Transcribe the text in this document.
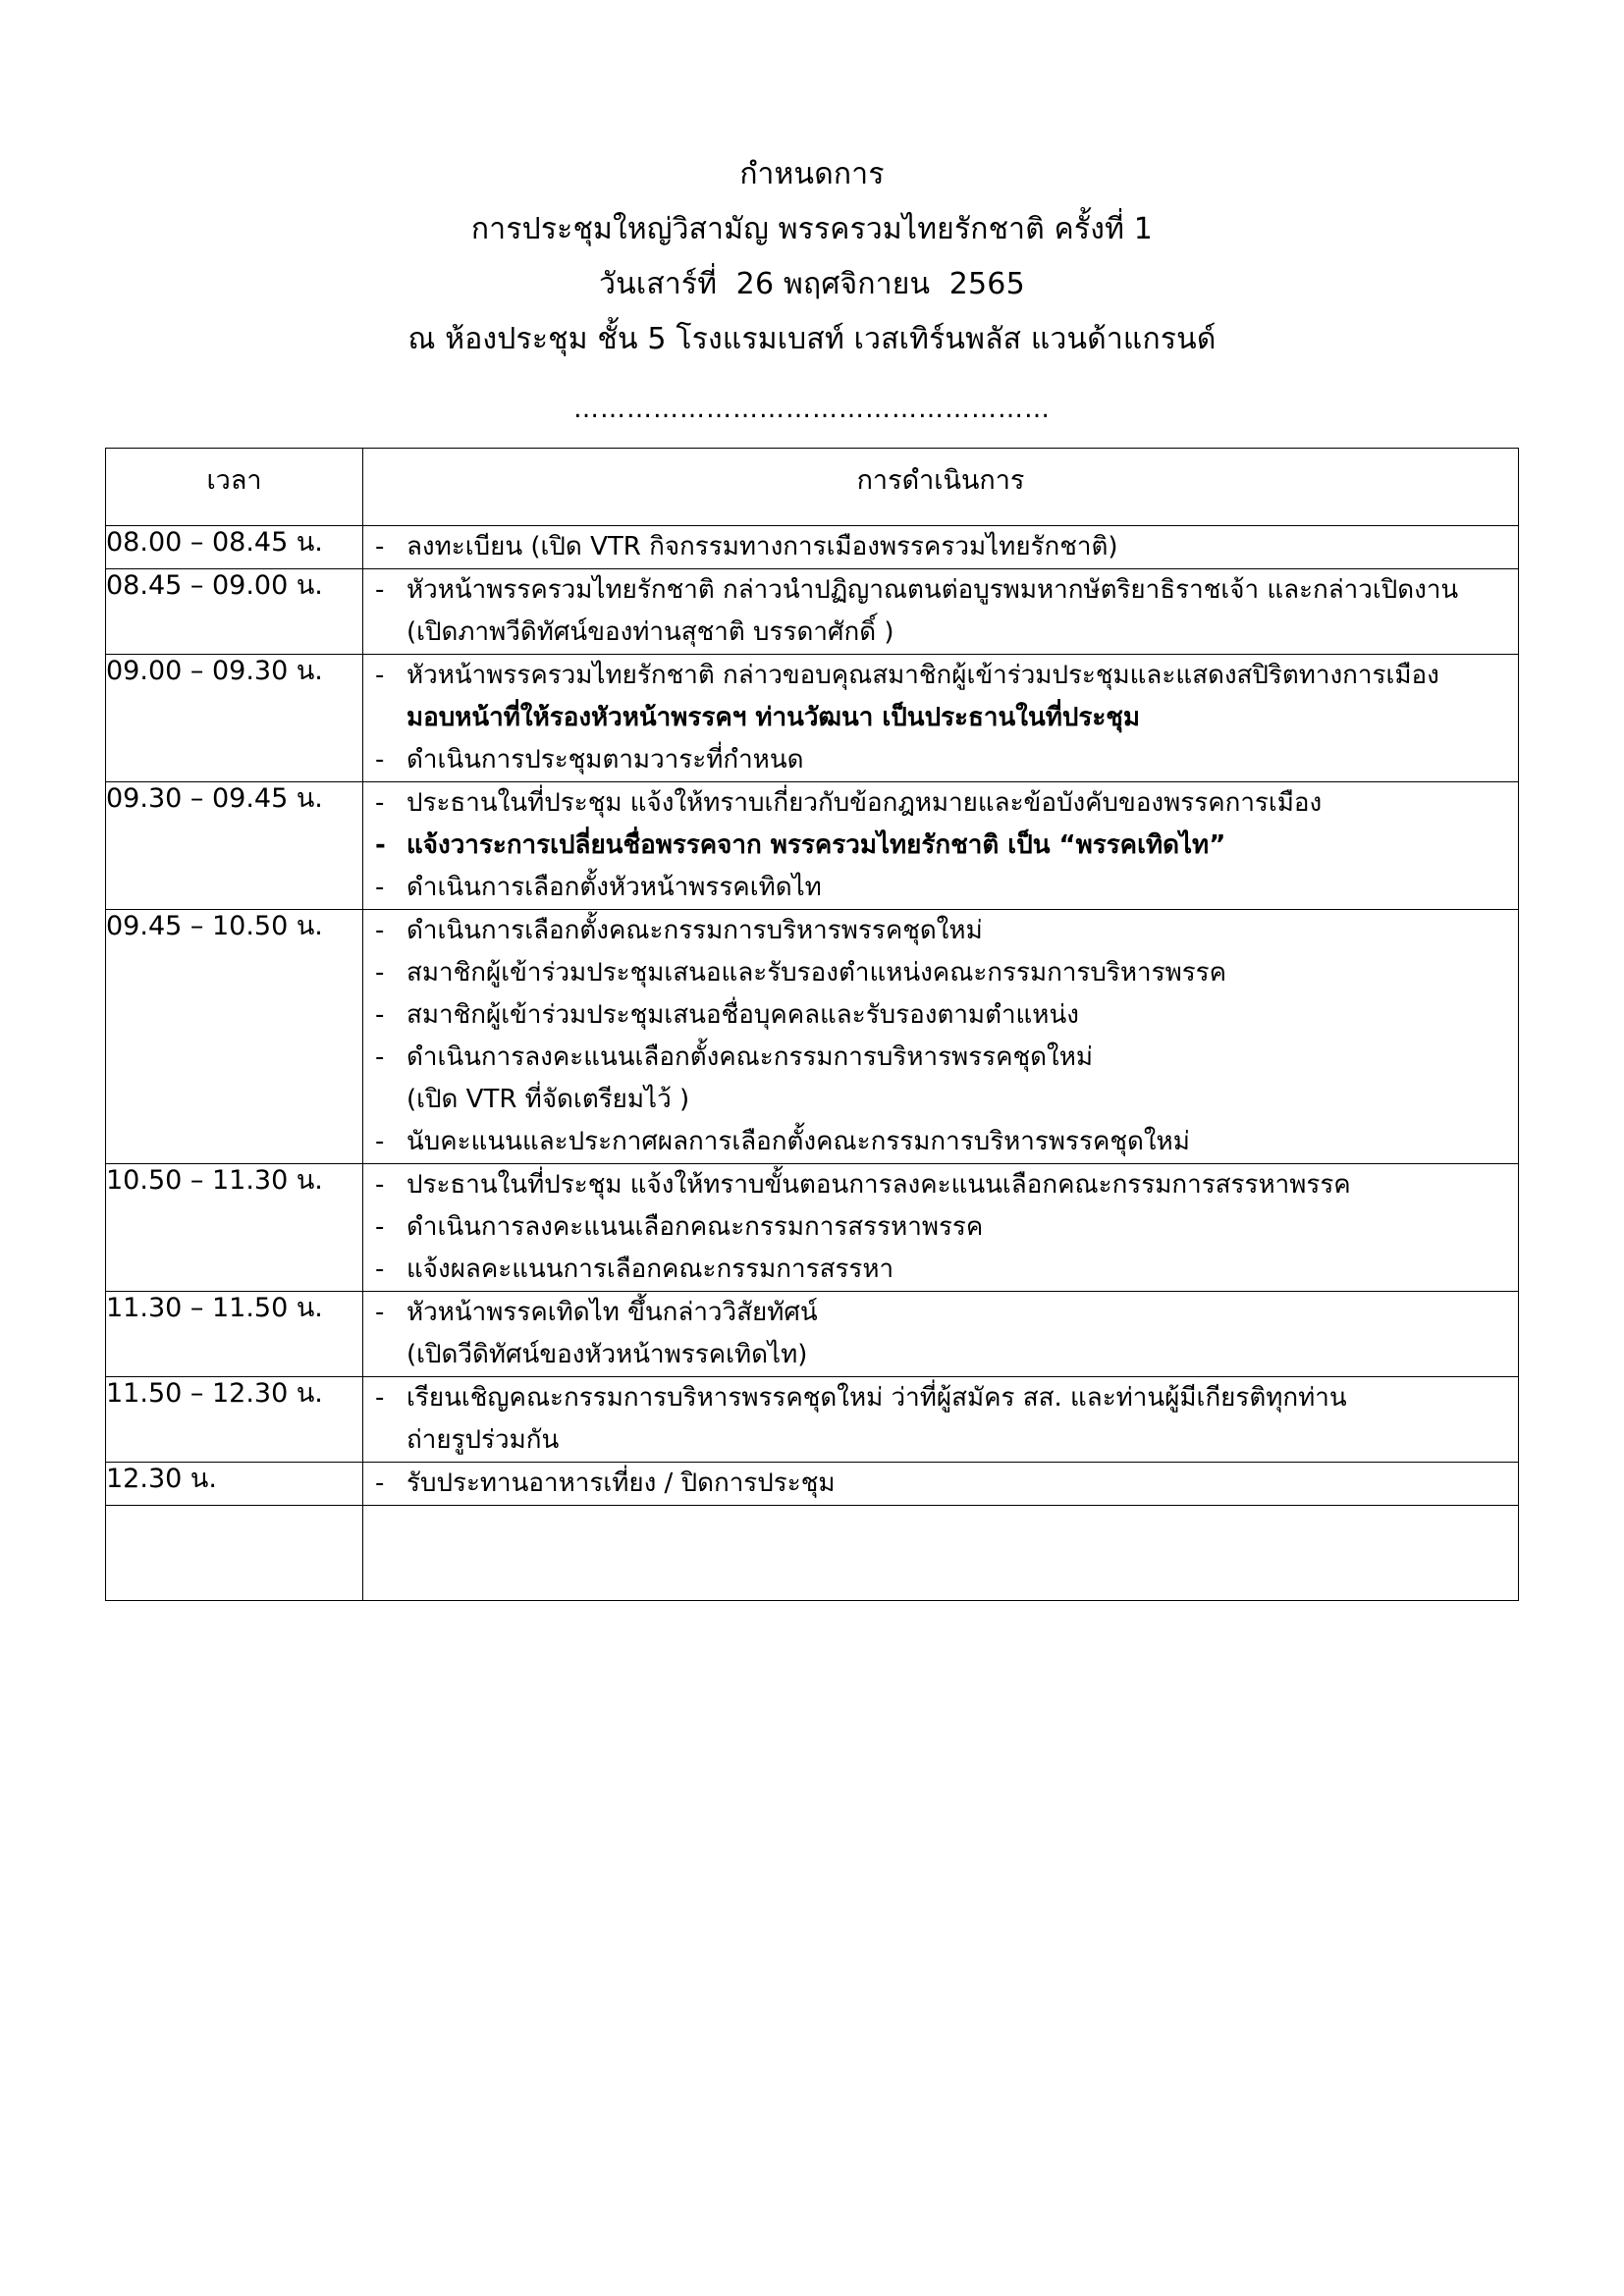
กำหนดการ
การประชุมใหญ่วิสามัญ พรรครวมไทยรักชาติ ครั้งที่ 1
วันเสาร์ที่  26 พฤศจิกายน  2565
ณ ห้องประชุม ชั้น 5 โรงแรมเบสท์ เวสเทิร์นพลัส แวนด้าแกรนด์
………………………………………………
เวลา	การดำเนินการ

08.00 – 08.45 น.	
-ลงทะเบียน (เปิด VTR กิจกรรมทางการเมืองพรรครวมไทยรักชาติ)

08.45 – 09.00 น.	
-หัวหน้าพรรครวมไทยรักชาติ กล่าวนำปฏิญาณตนต่อบูรพมหากษัตริยาธิราชเจ้า และกล่าวเปิดงาน
(เปิดภาพวีดิทัศน์ของท่านสุชาติ บรรดาศักดิ์ )

09.00 – 09.30 น.	
-หัวหน้าพรรครวมไทยรักชาติ กล่าวขอบคุณสมาชิกผู้เข้าร่วมประชุมและแสดงสปิริตทางการเมือง
มอบหน้าที่ให้รองหัวหน้าพรรคฯ ท่านวัฒนา เป็นประธานในที่ประชุม
- ดำเนินการประชุมตามวาระที่กำหนด

09.30 – 09.45 น.	
-ประธานในที่ประชุม แจ้งให้ทราบเกี่ยวกับข้อกฎหมายและข้อบังคับของพรรคการเมือง
- แจ้งวาระการเปลี่ยนชื่อพรรคจาก พรรครวมไทยรักชาติ เป็น “พรรคเทิดไท”
- ดำเนินการเลือกตั้งหัวหน้าพรรคเทิดไท

09.45 – 10.50 น.	
-ดำเนินการเลือกตั้งคณะกรรมการบริหารพรรคชุดใหม่
- สมาชิกผู้เข้าร่วมประชุมเสนอและรับรองตำแหน่งคณะกรรมการบริหารพรรค
- สมาชิกผู้เข้าร่วมประชุมเสนอชื่อบุคคลและรับรองตามตำแหน่ง
- ดำเนินการลงคะแนนเลือกตั้งคณะกรรมการบริหารพรรคชุดใหม่
(เปิด VTR ที่จัดเตรียมไว้ )
- นับคะแนนและประกาศผลการเลือกตั้งคณะกรรมการบริหารพรรคชุดใหม่

10.50 – 11.30 น.	
-ประธานในที่ประชุม แจ้งให้ทราบขั้นตอนการลงคะแนนเลือกคณะกรรมการสรรหาพรรค
- ดำเนินการลงคะแนนเลือกคณะกรรมการสรรหาพรรค
- แจ้งผลคะแนนการเลือกคณะกรรมการสรรหา

11.30 – 11.50 น.	
-หัวหน้าพรรคเทิดไท ขึ้นกล่าววิสัยทัศน์
(เปิดวีดิทัศน์ของหัวหน้าพรรคเทิดไท)

11.50 – 12.30 น.	
-เรียนเชิญคณะกรรมการบริหารพรรคชุดใหม่ ว่าที่ผู้สมัคร สส. และท่านผู้มีเกียรติทุกท่าน
ถ่ายรูปร่วมกัน

12.30 น.	
-รับประทานอาหารเที่ยง / ปิดการประชุม
